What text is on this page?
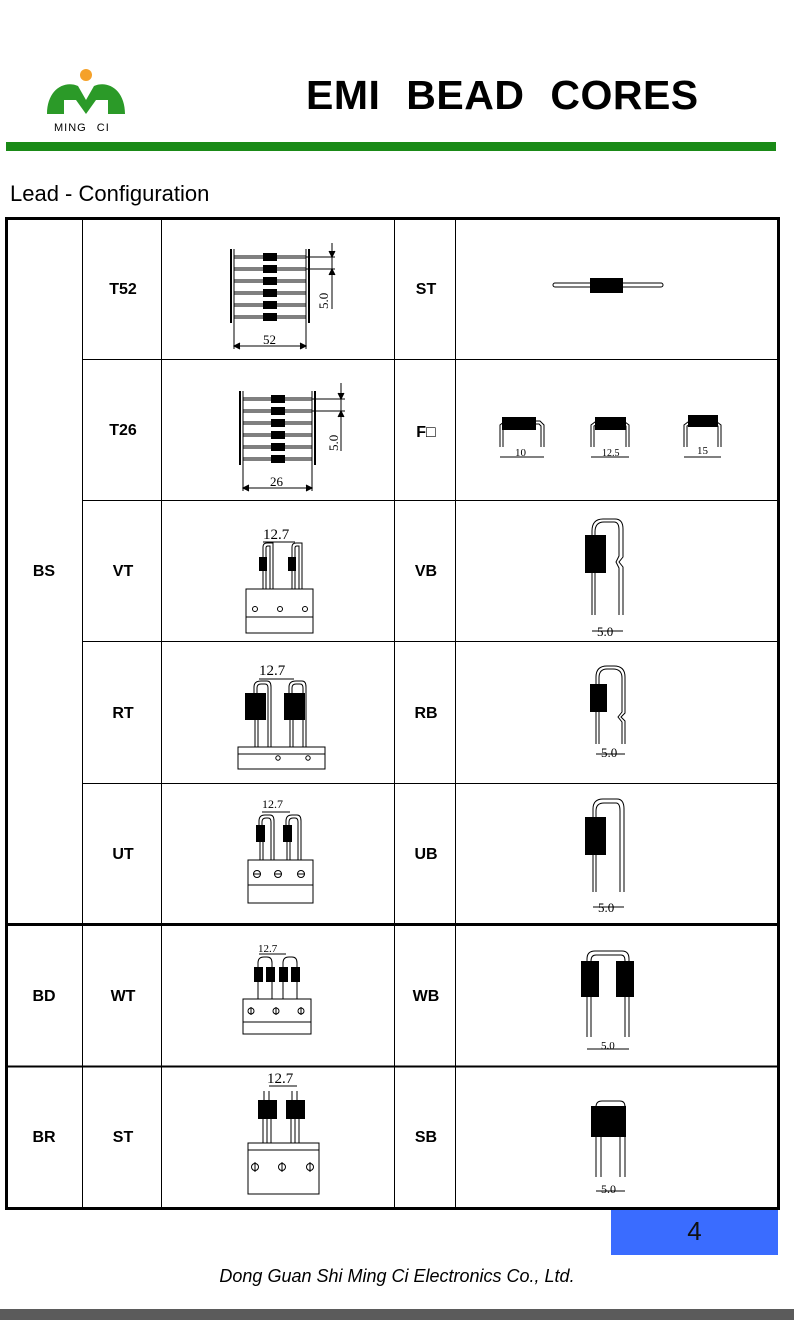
MING CI
EMI BEAD CORES
Lead - Configuration
BS
BD
BR
T52
T26
VT
RT
UT
WT
ST
ST
F□
VB
RB
UB
WB
SB
5.0
52
5.0
26
10	12.5	15
12.7
5.0
12.7
5.0
12.7
5.0
12.7
5.0
12.7
5.0
4
Dong Guan Shi Ming Ci Electronics Co., Ltd.
